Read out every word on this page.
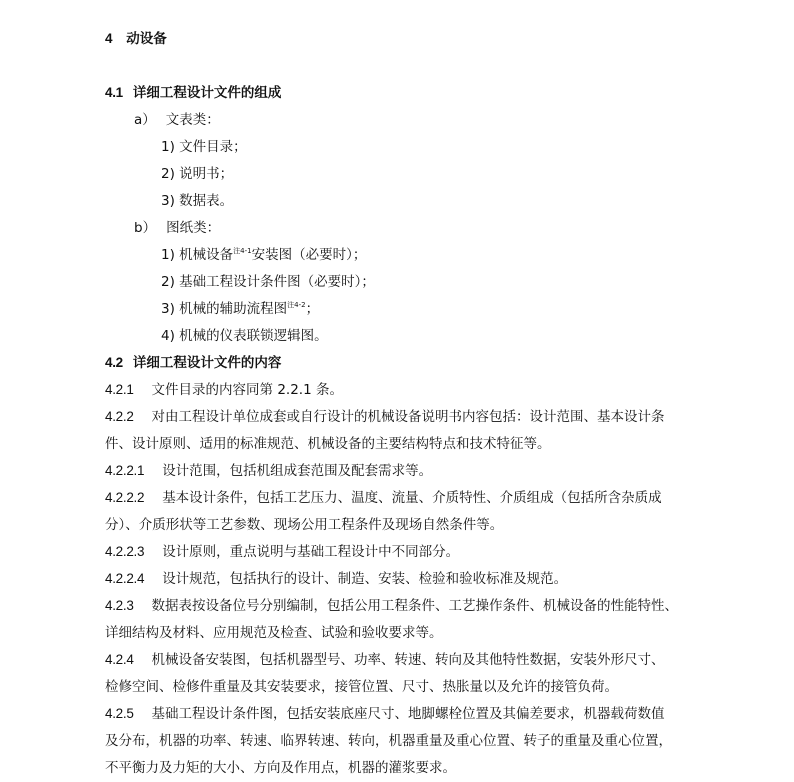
4 动设备
4.1 详细工程设计文件的组成
a） 文表类：
1) 文件目录；
2) 说明书；
3) 数据表。
b） 图纸类：
1) 机械设备$^{注4-1}$安装图（必要时）；
2) 基础工程设计条件图（必要时）；
3) 机械的辅助流程图$^{注4-2}$；
4) 机械的仪表联锁逻辑图。
4.2 详细工程设计文件的内容
4.2.1 文件目录的内容同第 2.2.1 条。
4.2.2 对由工程设计单位成套或自行设计的机械设备说明书内容包括：设计范围、基本设计条
件、设计原则、适用的标准规范、机械设备的主要结构特点和技术特征等。
4.2.2.1 设计范围，包括机组成套范围及配套需求等。
4.2.2.2 基本设计条件，包括工艺压力、温度、流量、介质特性、介质组成（包括所含杂质成
分）、介质形状等工艺参数、现场公用工程条件及现场自然条件等。
4.2.2.3 设计原则，重点说明与基础工程设计中不同部分。
4.2.2.4 设计规范，包括执行的设计、制造、安装、检验和验收标准及规范。
4.2.3 数据表按设备位号分别编制，包括公用工程条件、工艺操作条件、机械设备的性能特性、
详细结构及材料、应用规范及检查、试验和验收要求等。
4.2.4 机械设备安装图，包括机器型号、功率、转速、转向及其他特性数据，安装外形尺寸、
检修空间、检修件重量及其安装要求，接管位置、尺寸、热胀量以及允许的接管负荷。
4.2.5 基础工程设计条件图，包括安装底座尺寸、地脚螺栓位置及其偏差要求，机器载荷数值
及分布，机器的功率、转速、临界转速、转向，机器重量及重心位置、转子的重量及重心位置，
不平衡力及力矩的大小、方向及作用点，机器的灌浆要求。
